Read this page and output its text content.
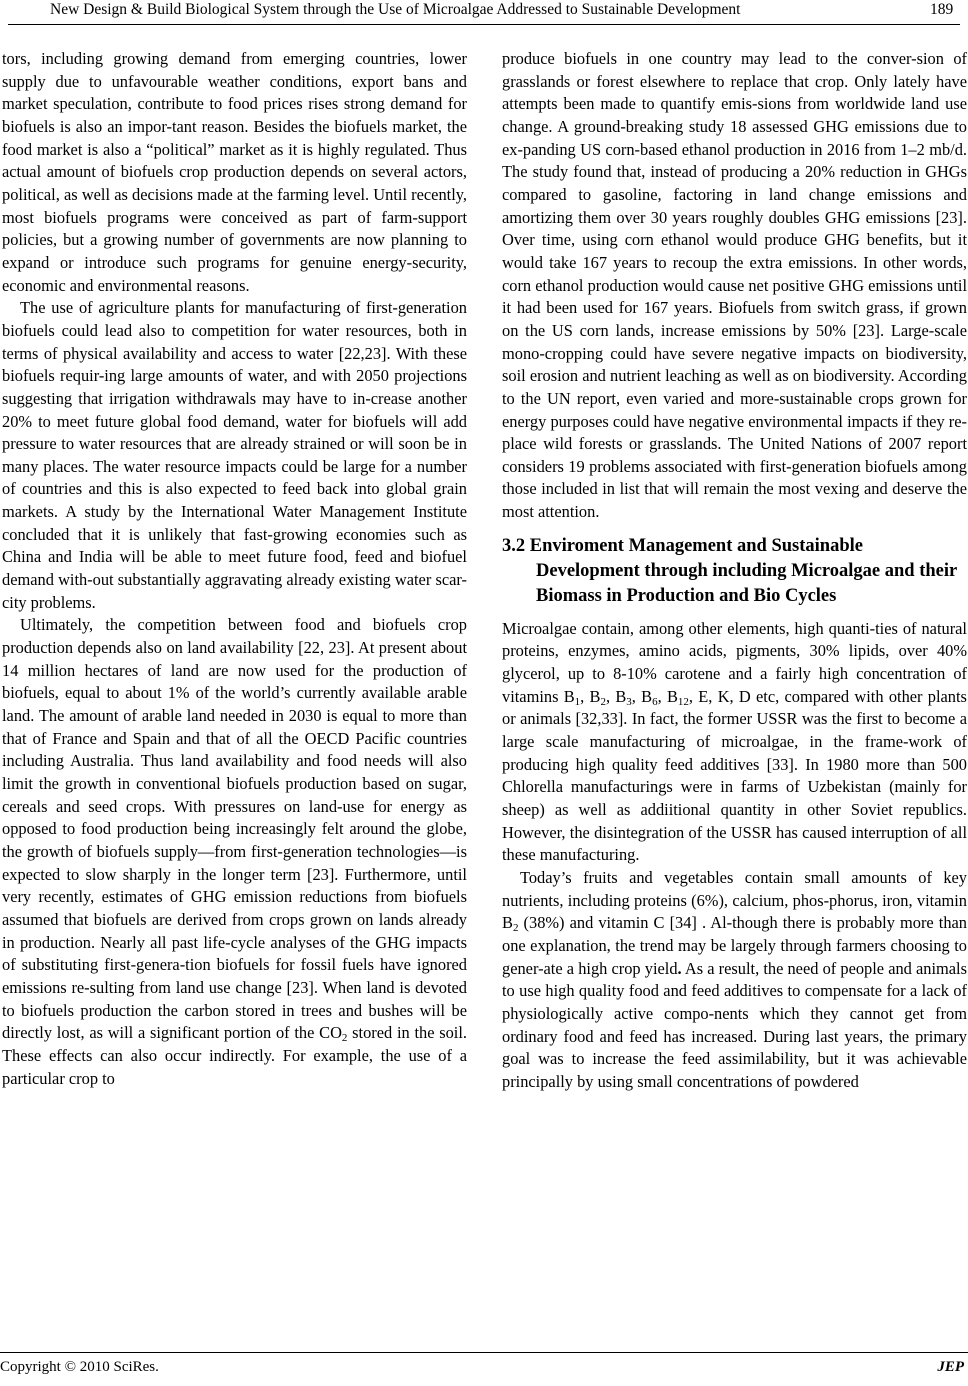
New Design & Build Biological System through the Use of Microalgae Addressed to Sustainable Development	189

tors, including growing demand from emerging countries, lower supply due to unfavourable weather conditions, export bans and market speculation, contribute to food prices rises strong demand for biofuels is also an impor-tant reason. Besides the biofuels market, the food market is also a “political” market as it is highly regulated. Thus actual amount of biofuels crop production depends on several actors, political, as well as decisions made at the farming level. Until recently, most biofuels programs were conceived as part of farm-support policies, but a growing number of governments are now planning to expand or introduce such programs for genuine energy-security, economic and environmental reasons.

The use of agriculture plants for manufacturing of first-generation biofuels could lead also to competition for water resources, both in terms of physical availability and access to water [22,23]. With these biofuels requir-ing large amounts of water, and with 2050 projections suggesting that irrigation withdrawals may have to in-crease another 20% to meet future global food demand, water for biofuels will add pressure to water resources that are already strained or will soon be in many places. The water resource impacts could be large for a number of countries and this is also expected to feed back into global grain markets. A study by the International Water Management Institute concluded that it is unlikely that fast-growing economies such as China and India will be able to meet future food, feed and biofuel demand with-out substantially aggravating already existing water scar-city problems.

Ultimately, the competition between food and biofuels crop production depends also on land availability [22, 23]. At present about 14 million hectares of land are now used for the production of biofuels, equal to about 1% of the world’s currently available arable land. The amount of arable land needed in 2030 is equal to more than that of France and Spain and that of all the OECD Pacific countries including Australia. Thus land availability and food needs will also limit the growth in conventional biofuels production based on sugar, cereals and seed crops. With pressures on land-use for energy as opposed to food production being increasingly felt around the globe, the growth of biofuels supply—from first-generation technologies—is expected to slow sharply in the longer term [23]. Furthermore, until very recently, estimates of GHG emission reductions from biofuels assumed that biofuels are derived from crops grown on lands already in production. Nearly all past life-cycle analyses of the GHG impacts of substituting first-genera-tion biofuels for fossil fuels have ignored emissions re-sulting from land use change [23]. When land is devoted to biofuels production the carbon stored in trees and bushes will be directly lost, as will a significant portion of the $CO_2$ stored in the soil. These effects can also occur indirectly. For example, the use of a particular crop to

produce biofuels in one country may lead to the conver-sion of grasslands or forest elsewhere to replace that crop. Only lately have attempts been made to quantify emis-sions from worldwide land use change. A ground-breaking study 18 assessed GHG emissions due to ex-panding US corn-based ethanol production in 2016 from 1–2 mb/d. The study found that, instead of producing a 20% reduction in GHGs compared to gasoline, factoring in land change emissions and amortizing them over 30 years roughly doubles GHG emissions [23]. Over time, using corn ethanol would produce GHG benefits, but it would take 167 years to recoup the extra emissions. In other words, corn ethanol production would cause net positive GHG emissions until it had been used for 167 years. Biofuels from switch grass, if grown on the US corn lands, increase emissions by 50% [23]. Large-scale mono-cropping could have severe negative impacts on biodiversity, soil erosion and nutrient leaching as well as on biodiversity. According to the UN report, even varied and more-sustainable crops grown for energy purposes could have negative environmental impacts if they re-place wild forests or grasslands. The United Nations of 2007 report considers 19 problems associated with first-generation biofuels among those included in list that will remain the most vexing and deserve the most attention.

3.2 Enviroment Management and Sustainable Development through including Microalgae and their Biomass in Production and Bio Cycles

Microalgae contain, among other elements, high quanti-ties of natural proteins, enzymes, amino acids, pigments, 30% lipids, over 40% glycerol, up to 8-10% carotene and a fairly high concentration of vitamins $B_1$, $B_2$, $B_3$, $B_6$, $B_{12}$, E, K, D etc, compared with other plants or animals [32,33]. In fact, the former USSR was the first to become a large scale manufacturing of microalgae, in the frame-work of producing high quality feed additives [33]. In 1980 more than 500 Chlorella manufacturings were in farms of Uzbekistan (mainly for sheep) as well as addiitional quantity in other Soviet republics. However, the disintegration of the USSR has caused interruption of all these manufacturing.

Today’s fruits and vegetables contain small amounts of key nutrients, including proteins (6%), calcium, phos-phorus, iron, vitamin $B_2$ (38%) and vitamin C [34] . Al-though there is probably more than one explanation, the trend may be largely through farmers choosing to gener-ate a high crop yield. As a result, the need of people and animals to use high quality food and feed additives to compensate for a lack of physiologically active compo-nents which they cannot get from ordinary food and feed has increased. During last years, the primary goal was to increase the feed assimilability, but it was achievable principally by using small concentrations of powdered

Copyright © 2010 SciRes.	JEP
